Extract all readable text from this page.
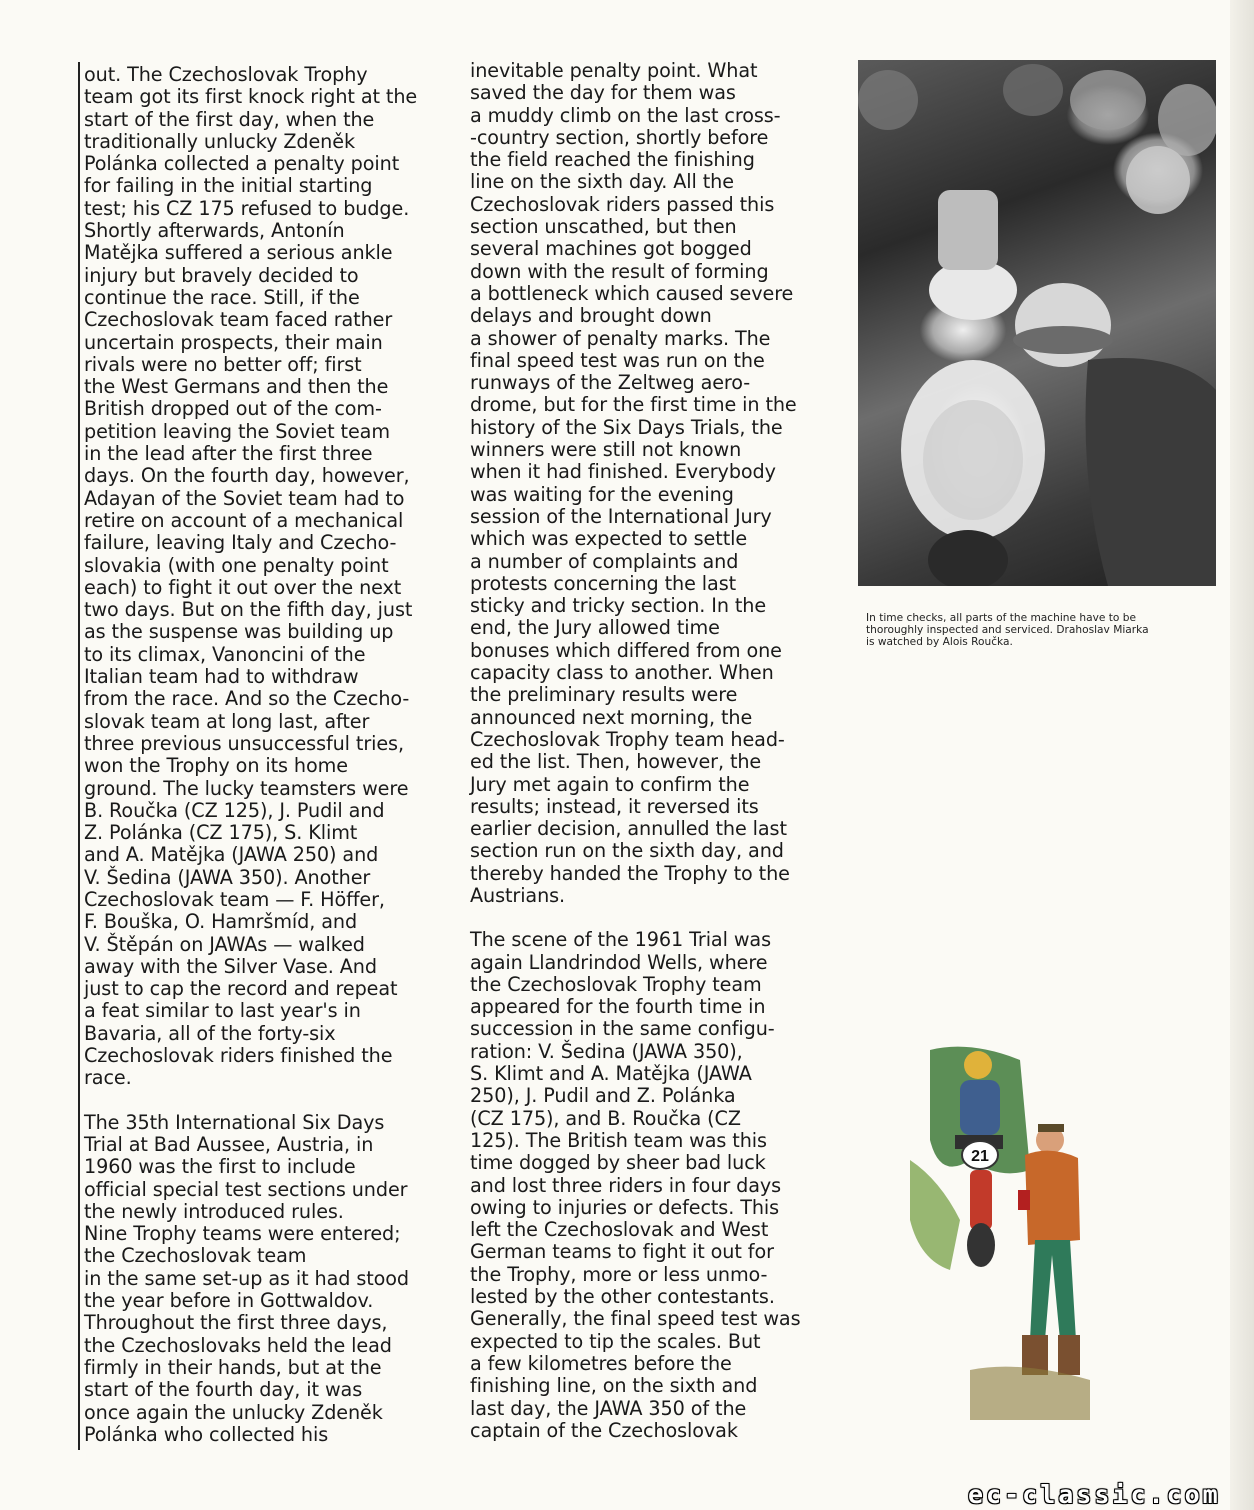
out. The Czechoslovak Trophy
team got its first knock right at the
start of the first day, when the
traditionally unlucky Zdeněk
Polánka collected a penalty point
for failing in the initial starting
test; his CZ 175 refused to budge.
Shortly afterwards, Antonín
Matějka suffered a serious ankle
injury but bravely decided to
continue the race. Still, if the
Czechoslovak team faced rather
uncertain prospects, their main
rivals were no better off; first
the West Germans and then the
British dropped out of the com-
petition leaving the Soviet team
in the lead after the first three
days. On the fourth day, however,
Adayan of the Soviet team had to
retire on account of a mechanical
failure, leaving Italy and Czecho-
slovakia (with one penalty point
each) to fight it out over the next
two days. But on the fifth day, just
as the suspense was building up
to its climax, Vanoncini of the
Italian team had to withdraw
from the race. And so the Czecho-
slovak team at long last, after
three previous unsuccessful tries,
won the Trophy on its home
ground. The lucky teamsters were
B. Roučka (CZ 125), J. Pudil and
Z. Polánka (CZ 175), S. Klimt
and A. Matějka (JAWA 250) and
V. Šedina (JAWA 350). Another
Czechoslovak team — F. Höffer,
F. Bouška, O. Hamršmíd, and
V. Štěpán on JAWAs — walked
away with the Silver Vase. And
just to cap the record and repeat
a feat similar to last year's in
Bavaria, all of the forty-six
Czechoslovak riders finished the
race.

The 35th International Six Days
Trial at Bad Aussee, Austria, in
1960 was the first to include
official special test sections under
the newly introduced rules.
Nine Trophy teams were entered;
the Czechoslovak team
in the same set-up as it had stood
the year before in Gottwaldov.
Throughout the first three days,
the Czechoslovaks held the lead
firmly in their hands, but at the
start of the fourth day, it was
once again the unlucky Zdeněk
Polánka who collected his

inevitable penalty point. What
saved the day for them was
a muddy climb on the last cross-
-country section, shortly before
the field reached the finishing
line on the sixth day. All the
Czechoslovak riders passed this
section unscathed, but then
several machines got bogged
down with the result of forming
a bottleneck which caused severe
delays and brought down
a shower of penalty marks. The
final speed test was run on the
runways of the Zeltweg aero-
drome, but for the first time in the
history of the Six Days Trials, the
winners were still not known
when it had finished. Everybody
was waiting for the evening
session of the International Jury
which was expected to settle
a number of complaints and
protests concerning the last
sticky and tricky section. In the
end, the Jury allowed time
bonuses which differed from one
capacity class to another. When
the preliminary results were
announced next morning, the
Czechoslovak Trophy team head-
ed the list. Then, however, the
Jury met again to confirm the
results; instead, it reversed its
earlier decision, annulled the last
section run on the sixth day, and
thereby handed the Trophy to the
Austrians.

The scene of the 1961 Trial was
again Llandrindod Wells, where
the Czechoslovak Trophy team
appeared for the fourth time in
succession in the same configu-
ration: V. Šedina (JAWA 350),
S. Klimt and A. Matějka (JAWA
250), J. Pudil and Z. Polánka
(CZ 175), and B. Roučka (CZ
125). The British team was this
time dogged by sheer bad luck
and lost three riders in four days
owing to injuries or defects. This
left the Czechoslovak and West
German teams to fight it out for
the Trophy, more or less unmo-
lested by the other contestants.
Generally, the final speed test was
expected to tip the scales. But
a few kilometres before the
finishing line, on the sixth and
last day, the JAWA 350 of the
captain of the Czechoslovak

In time checks, all parts of the machine have to be
thoroughly inspected and serviced. Drahoslav Miarka
is watched by Alois Roučka.
21
ec-classic.com
